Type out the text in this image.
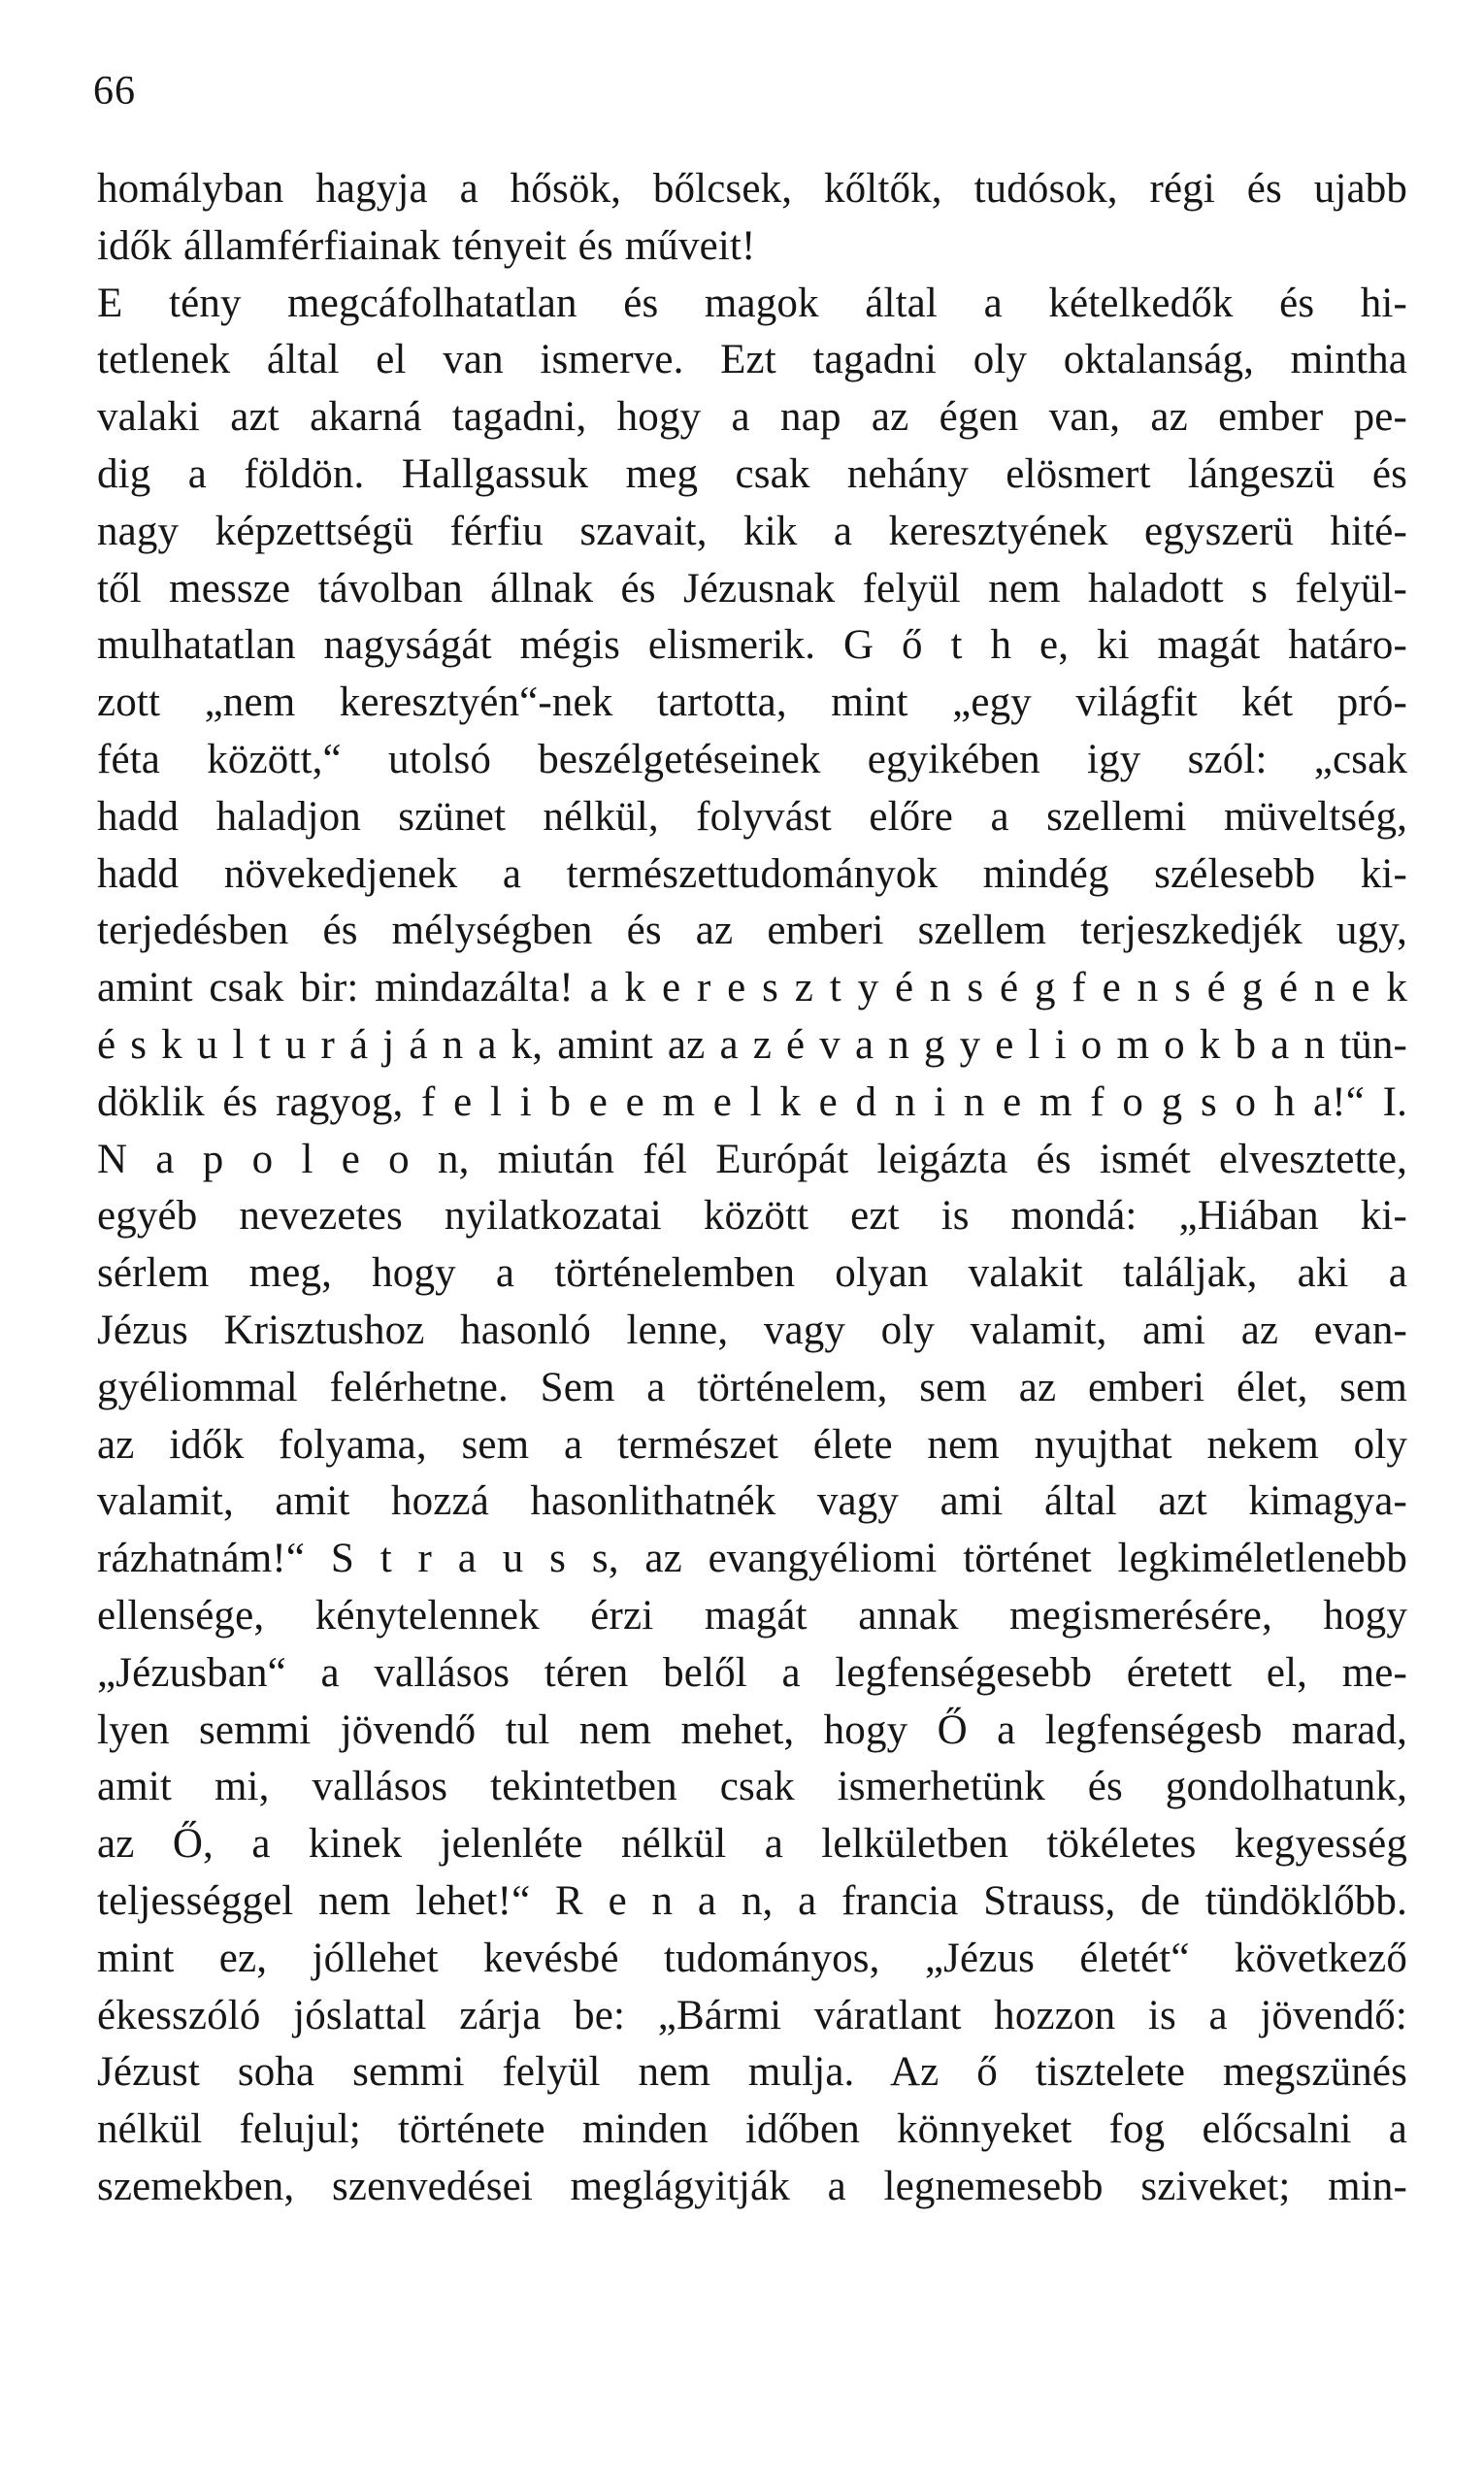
66
homályban hagyja a hősök, bőlcsek, kőltők, tudósok, régi és ujabb
idők államférfiainak tényeit és műveit!
E tény megcáfolhatatlan és magok által a kételkedők és hi-
tetlenek által el van ismerve. Ezt tagadni oly oktalanság, mintha
valaki azt akarná tagadni, hogy a nap az égen van, az ember pe-
dig a földön. Hallgassuk meg csak nehány elösmert lángeszü és
nagy képzettségü férfiu szavait, kik a keresztyének egyszerü hité-
től messze távolban állnak és Jézusnak felyül nem haladott s felyül-
mulhatatlan nagyságát mégis elismerik. G ő t h e, ki magát határo-
zott „nem keresztyén“-nek tartotta, mint „egy világfit két pró-
féta között,“ utolsó beszélgetéseinek egyikében igy szól: „csak
hadd haladjon szünet nélkül, folyvást előre a szellemi müveltség,
hadd növekedjenek a természettudományok mindég szélesebb ki-
terjedésben és mélységben és az emberi szellem terjeszkedjék ugy,
amint csak bir: mindazálta! a k e r e s z t y é n s é g f e n s é g é n e k
é s k u l t u r á j á n a k, amint az a z é v a n g y e l i o m o k b a n tün-
döklik és ragyog, f e l i b e e m e l k e d n i n e m f o g s o h a!“ I.
N a p o l e o n, miután fél Európát leigázta és ismét elvesztette,
egyéb nevezetes nyilatkozatai között ezt is mondá: „Hiában ki-
sérlem meg, hogy a történelemben olyan valakit találjak, aki a
Jézus Krisztushoz hasonló lenne, vagy oly valamit, ami az evan-
gyéliommal felérhetne. Sem a történelem, sem az emberi élet, sem
az idők folyama, sem a természet élete nem nyujthat nekem oly
valamit, amit hozzá hasonlithatnék vagy ami által azt kimagya-
rázhatnám!“ S t r a u s s, az evangyéliomi történet legkiméletlenebb
ellensége, kénytelennek érzi magát annak megismerésére, hogy
„Jézusban“ a vallásos téren belől a legfenségesebb éretett el, me-
lyen semmi jövendő tul nem mehet, hogy Ő a legfenségesb marad,
amit mi, vallásos tekintetben csak ismerhetünk és gondolhatunk,
az Ő, a kinek jelenléte nélkül a lelkületben tökéletes kegyesség
teljességgel nem lehet!“ R e n a n, a francia Strauss, de tündöklőbb.
mint ez, jóllehet kevésbé tudományos, „Jézus életét“ következő
ékesszóló jóslattal zárja be: „Bármi váratlant hozzon is a jövendő:
Jézust soha semmi felyül nem mulja. Az ő tisztelete megszünés
nélkül felujul; története minden időben könnyeket fog előcsalni a
szemekben, szenvedései meglágyitják a legnemesebb sziveket; min-
